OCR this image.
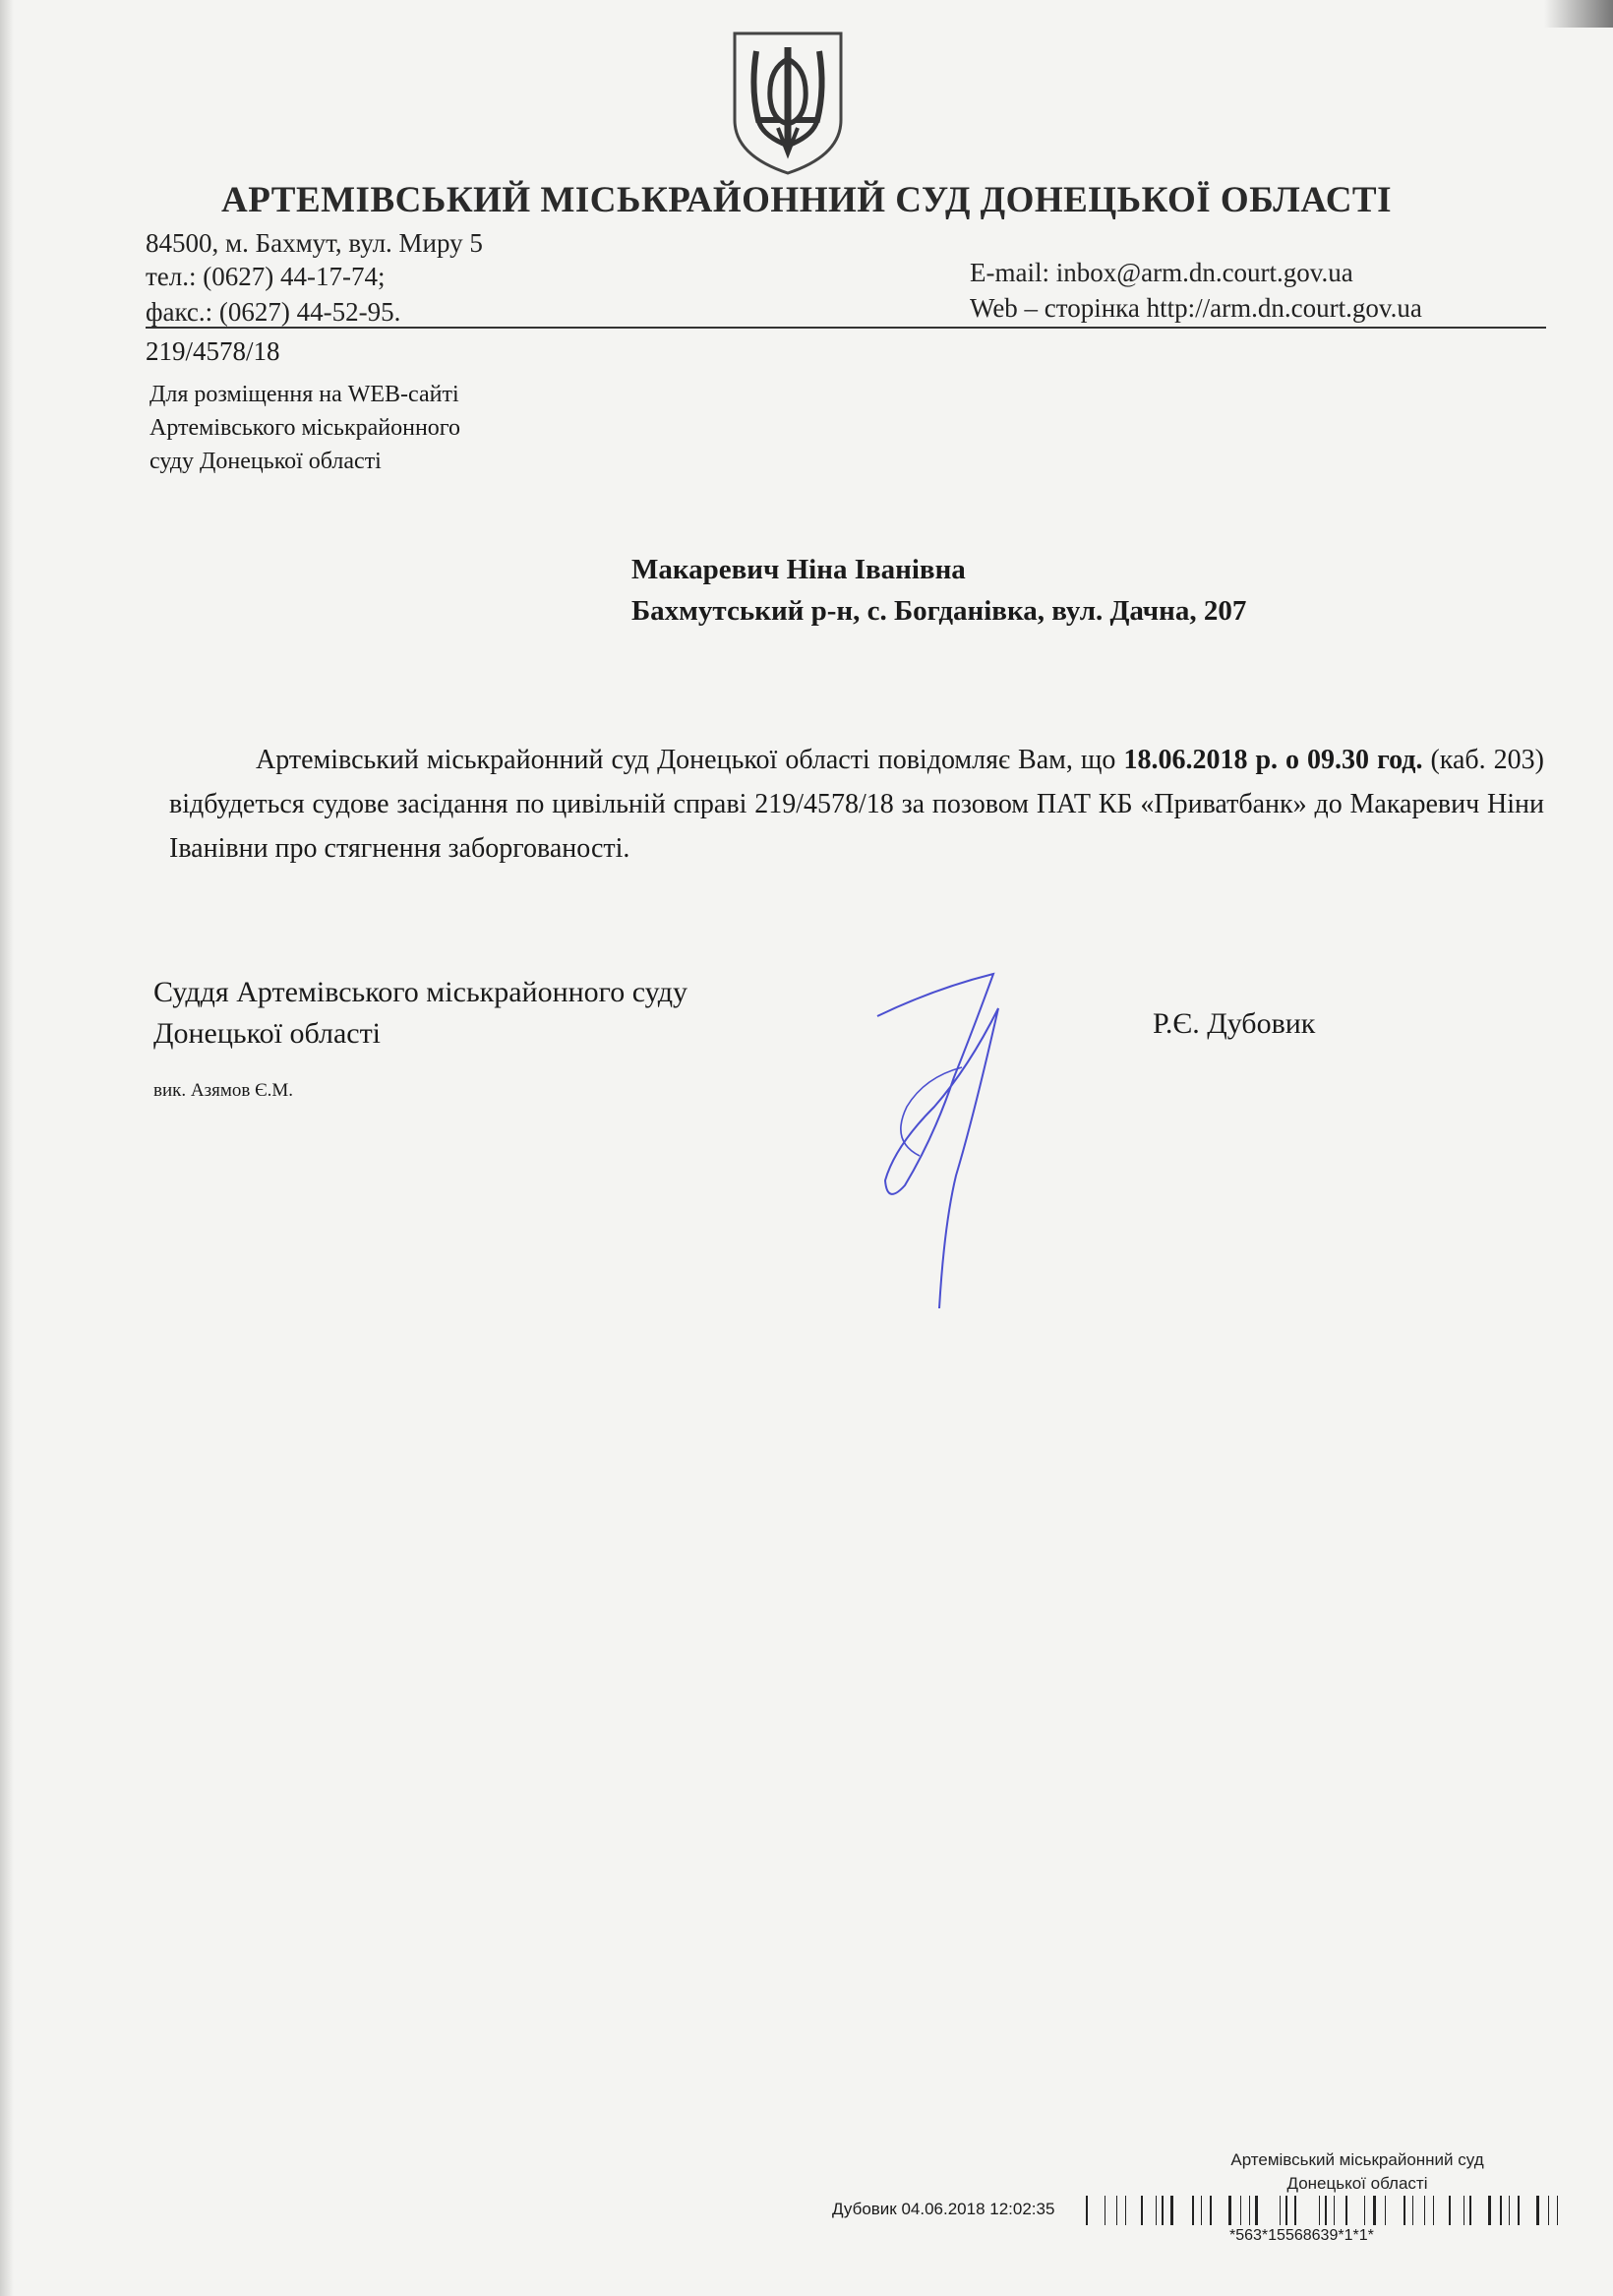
АРТЕМІВСЬКИЙ МІСЬКРАЙОННИЙ СУД ДОНЕЦЬКОЇ ОБЛАСТІ
84500, м. Бахмут, вул. Миру 5
тел.: (0627) 44-17-74;
факс.: (0627) 44-52-95.
E-mail: inbox@arm.dn.court.gov.ua
Web – сторінка http://arm.dn.court.gov.ua
219/4578/18
Для розміщення на WEB-сайті
Артемівського міськрайонного
суду Донецької області
Макаревич Ніна Іванівна
Бахмутський р-н, с. Богданівка, вул. Дачна, 207
Артемівський міськрайонний суд Донецької області повідомляє Вам, що 18.06.2018 р. о 09.30 год. (каб. 203) відбудеться судове засідання по цивільній справі 219/4578/18 за позовом ПАТ КБ «Приватбанк» до Макаревич Ніни Іванівни про стягнення заборгованості.
Суддя Артемівського міськрайонного суду
Донецької області	Р.Є. Дубовик
вик. Азямов Є.М.
Артемівський міськрайонний суд
Донецької області
Дубовик 04.06.2018 12:02:35
*563*15568639*1*1*
